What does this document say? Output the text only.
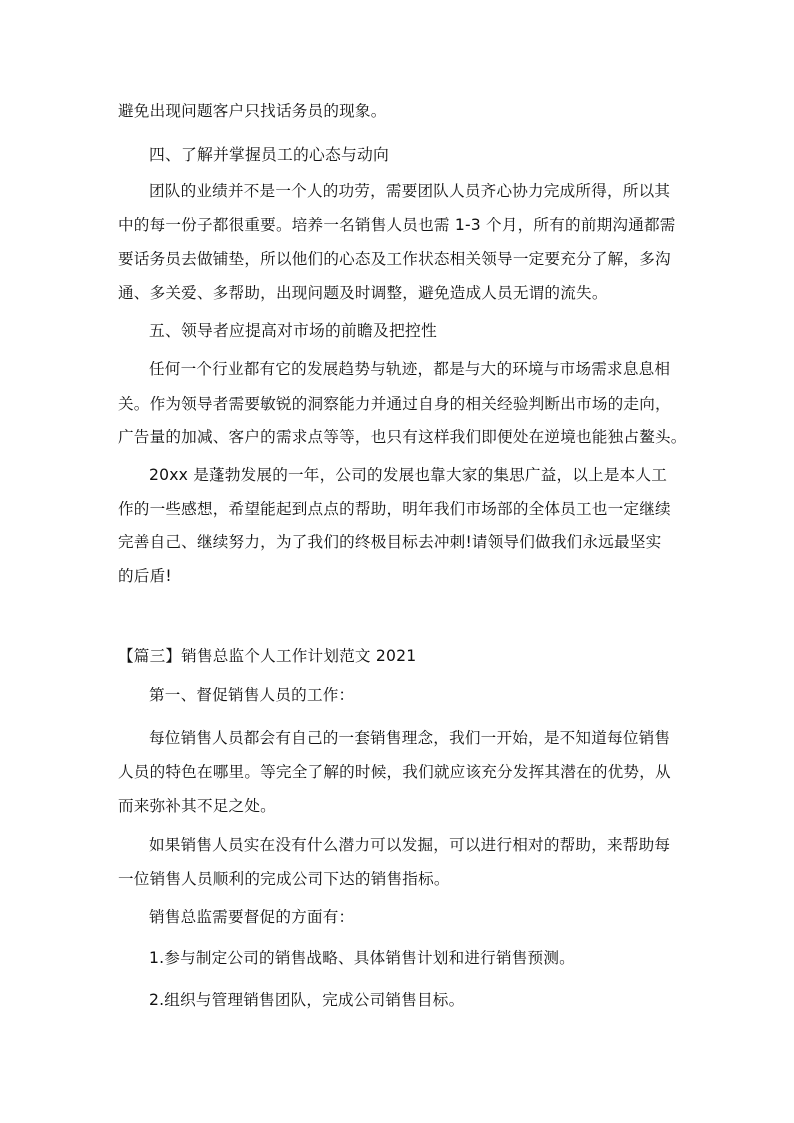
避免出现问题客户只找话务员的现象。
四、了解并掌握员工的心态与动向
团队的业绩并不是一个人的功劳，需要团队人员齐心协力完成所得，所以其
中的每一份子都很重要。培养一名销售人员也需 1-3 个月，所有的前期沟通都需
要话务员去做铺垫，所以他们的心态及工作状态相关领导一定要充分了解，多沟
通、多关爱、多帮助，出现问题及时调整，避免造成人员无谓的流失。
五、领导者应提高对市场的前瞻及把控性
任何一个行业都有它的发展趋势与轨迹，都是与大的环境与市场需求息息相
关。作为领导者需要敏锐的洞察能力并通过自身的相关经验判断出市场的走向，
广告量的加减、客户的需求点等等，也只有这样我们即便处在逆境也能独占鳌头。
20xx 是蓬勃发展的一年，公司的发展也靠大家的集思广益，以上是本人工
作的一些感想，希望能起到点点的帮助，明年我们市场部的全体员工也一定继续
完善自己、继续努力，为了我们的终极目标去冲刺!请领导们做我们永远最坚实
的后盾!
【篇三】销售总监个人工作计划范文 2021
第一、督促销售人员的工作：
每位销售人员都会有自己的一套销售理念，我们一开始，是不知道每位销售
人员的特色在哪里。等完全了解的时候，我们就应该充分发挥其潜在的优势，从
而来弥补其不足之处。
如果销售人员实在没有什么潜力可以发掘，可以进行相对的帮助，来帮助每
一位销售人员顺利的完成公司下达的销售指标。
销售总监需要督促的方面有：
1.参与制定公司的销售战略、具体销售计划和进行销售预测。
2.组织与管理销售团队，完成公司销售目标。
